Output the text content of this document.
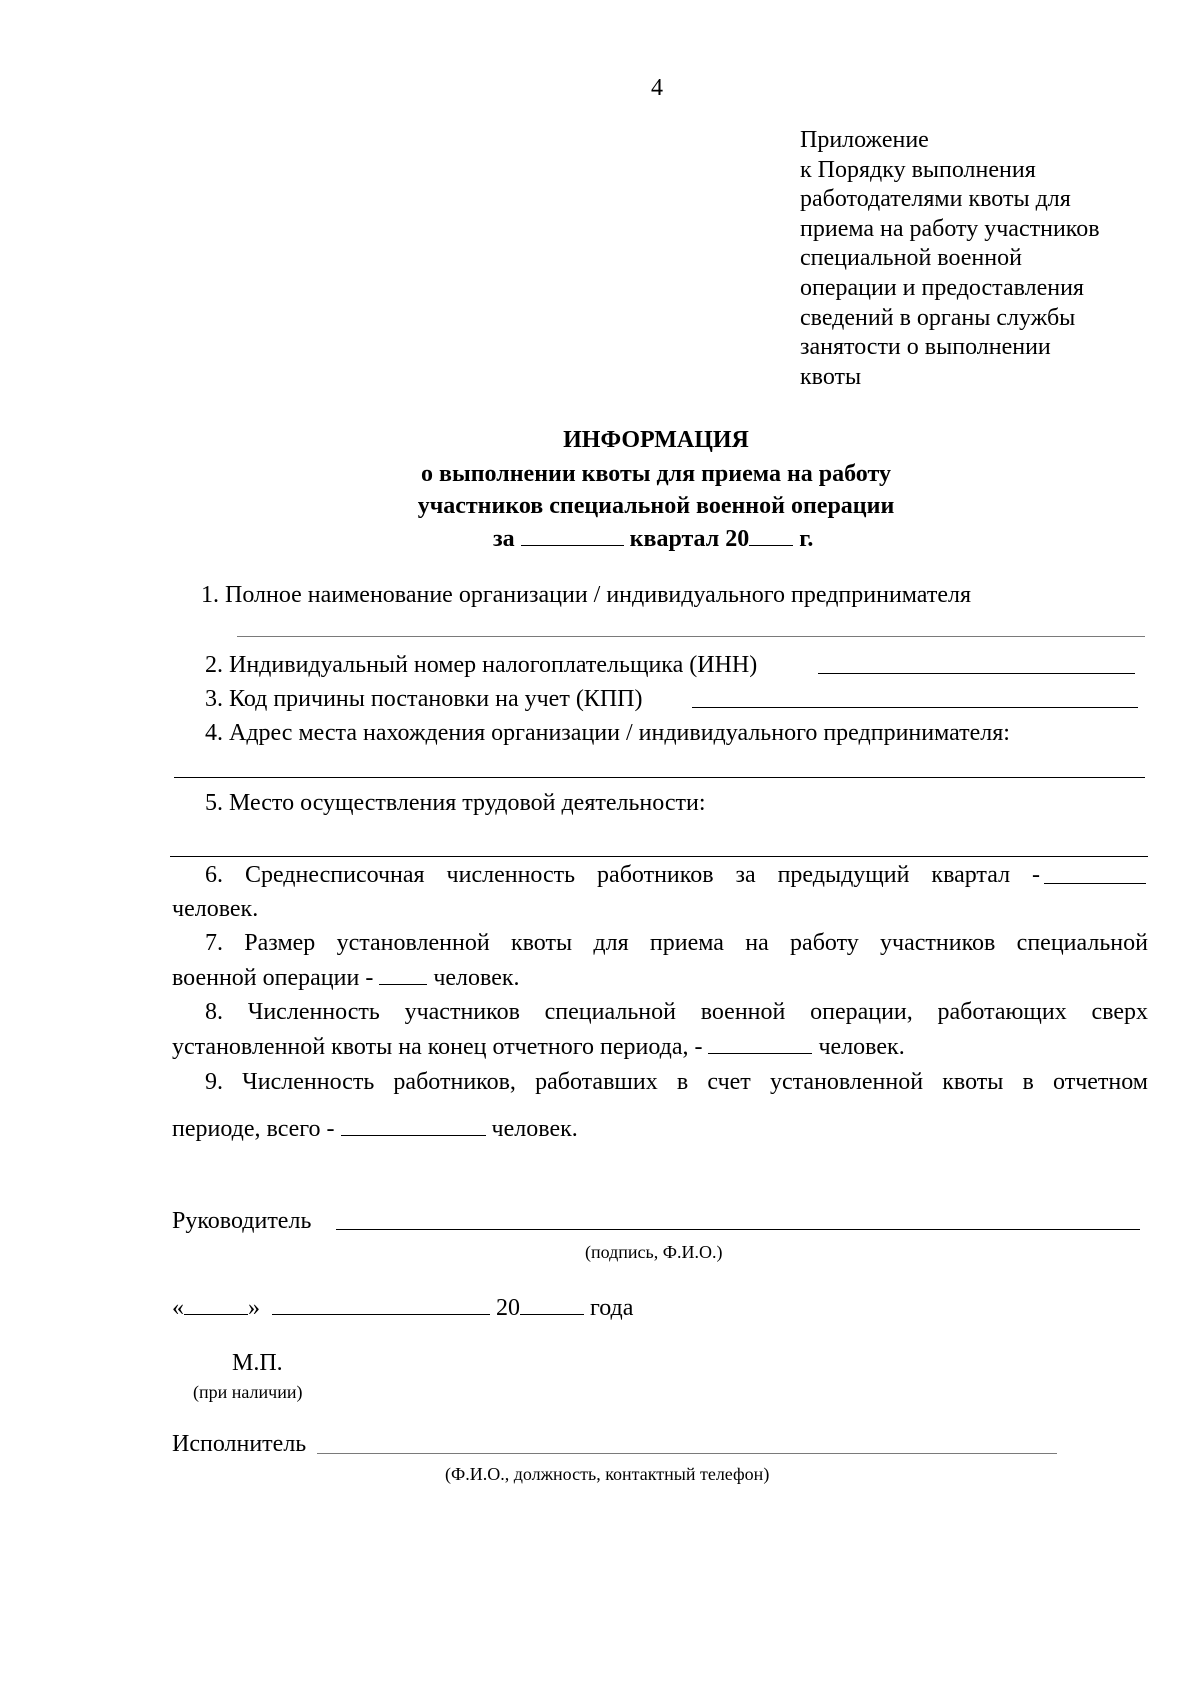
4
Приложение
к Порядку выполнения
работодателями квоты для
приема на работу участников
специальной военной
операции и предоставления
сведений в органы службы
занятости о выполнении
квоты
ИНФОРМАЦИЯ
о выполнении квоты для приема на работу
участников специальной военной операции
за	квартал 20 г.
1. Полное наименование организации / индивидуального предпринимателя
2. Индивидуальный номер налогоплательщика (ИНН)
3. Код причины постановки на учет (КПП)
4. Адрес места нахождения организации / индивидуального предпринимателя:
5. Место осуществления трудовой деятельности:
6. Среднесписочная численность работников за предыдущий квартал -
человек.
7. Размер установленной квоты для приема на работу участников специальной
военной операции -	человек.
8. Численность участников специальной военной операции, работающих сверх
установленной квоты на конец отчетного периода, -	человек.
9. Численность работников, работавших в счет установленной квоты в отчетном
периоде, всего -	человек.
Руководитель
(подпись, Ф.И.О.)
«	»	20	года
М.П.
(при наличии)
Исполнитель
(Ф.И.О., должность, контактный телефон)
